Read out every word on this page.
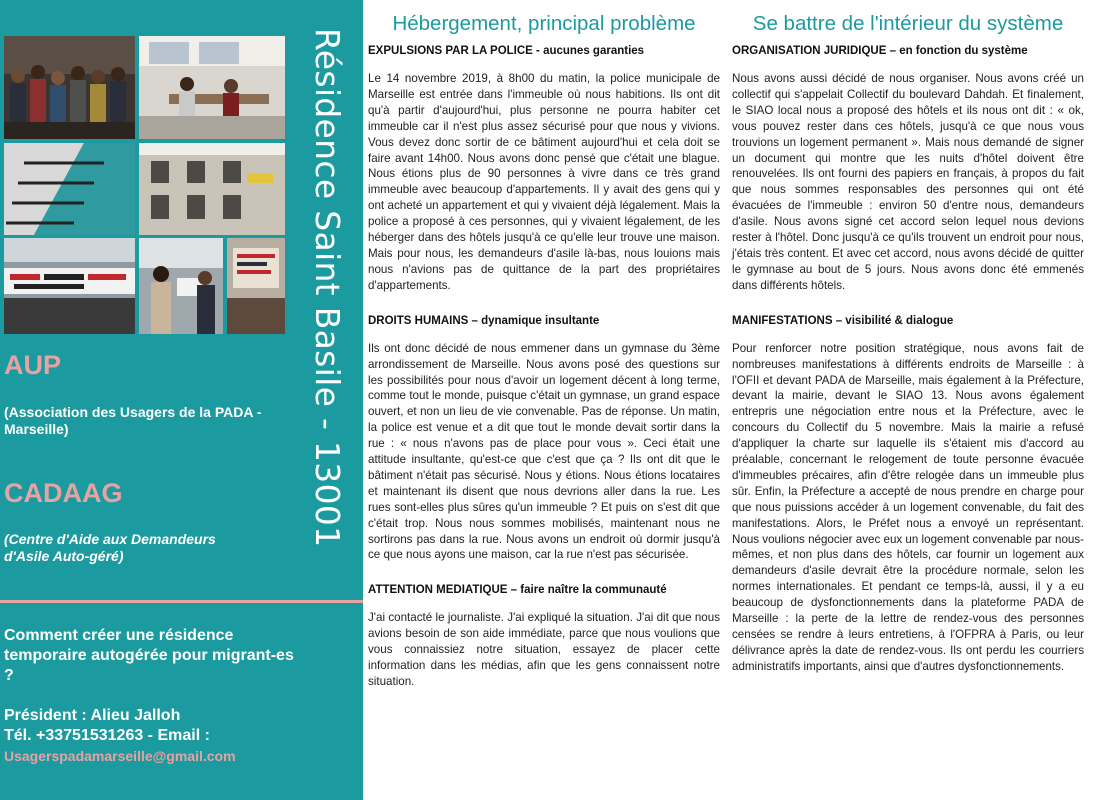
Résidence Saint Basile - 13001
AUP
(Association des Usagers de la PADA - Marseille)
CADAAG
(Centre d'Aide aux Demandeurs d'Asile Auto-géré)
Comment créer une résidence temporaire autogérée pour migrant-es ?
Président : Alieu Jalloh
Tél. +33751531263 - Email :
Usagerspadamarseille@gmail.com
Hébergement, principal problème
EXPULSIONS PAR LA POLICE - aucunes garanties
Le 14 novembre 2019, à 8h00 du matin, la police municipale de Marseille est entrée dans l'immeuble où nous habitions. Ils ont dit qu'à partir d'aujourd'hui, plus personne ne pourra habiter cet immeuble car il n'est plus assez sécurisé pour que nous y vivions. Vous devez donc sortir de ce bâtiment aujourd'hui et cela doit se faire avant 14h00. Nous avons donc pensé que c'était une blague. Nous étions plus de 90 personnes à vivre dans ce très grand immeuble avec beaucoup d'appartements. Il y avait des gens qui y ont acheté un appartement et qui y vivaient déjà légalement. Mais la police a proposé à ces personnes, qui y vivaient légalement, de les héberger dans des hôtels jusqu'à ce qu'elle leur trouve une maison. Mais pour nous, les demandeurs d'asile là-bas, nous louions mais nous n'avions pas de quittance de la part des propriétaires d'appartements.
DROITS HUMAINS – dynamique insultante
Ils ont donc décidé de nous emmener dans un gymnase du 3ème arrondissement de Marseille. Nous avons posé des questions sur les possibilités pour nous d'avoir un logement décent à long terme, comme tout le monde, puisque c'était un gymnase, un grand espace ouvert, et non un lieu de vie convenable. Pas de réponse. Un matin, la police est venue et a dit que tout le monde devait sortir dans la rue : « nous n'avons pas de place pour vous ». Ceci était une attitude insultante, qu'est-ce que c'est que ça ? Ils ont dit que le bâtiment n'était pas sécurisé. Nous y étions. Nous étions locataires et maintenant ils disent que nous devrions aller dans la rue. Les rues sont-elles plus sûres qu'un immeuble ? Et puis on s'est dit que c'était trop. Nous nous sommes mobilisés, maintenant nous ne sortirons pas dans la rue. Nous avons un endroit où dormir jusqu'à ce que nous ayons une maison, car la rue n'est pas sécurisée.
ATTENTION MEDIATIQUE – faire naître la communauté
J'ai contacté le journaliste. J'ai expliqué la situation. J'ai dit que nous avions besoin de son aide immédiate, parce que nous voulions que vous connaissiez notre situation, essayez de placer cette information dans les médias, afin que les gens connaissent notre situation.
Se battre de l'intérieur du système
ORGANISATION JURIDIQUE – en fonction du système
Nous avons aussi décidé de nous organiser. Nous avons créé un collectif qui s'appelait Collectif du boulevard Dahdah. Et finalement, le SIAO local nous a proposé des hôtels et ils nous ont dit : « ok, vous pouvez rester dans ces hôtels, jusqu'à ce que nous vous trouvions un logement permanent ». Mais nous demandé de signer un document qui montre que les nuits d'hôtel doivent être renouvelées. Ils ont fourni des papiers en français, à propos du fait que nous sommes responsables des personnes qui ont été évacuées de l'immeuble : environ 50 d'entre nous, demandeurs d'asile. Nous avons signé cet accord selon lequel nous devions rester à l'hôtel. Donc jusqu'à ce qu'ils trouvent un endroit pour nous, j'étais très content. Et avec cet accord, nous avons décidé de quitter le gymnase au bout de 5 jours. Nous avons donc été emmenés dans différents hôtels.
MANIFESTATIONS – visibilité & dialogue
Pour renforcer notre position stratégique, nous avons fait de nombreuses manifestations à différents endroits de Marseille : à l'OFII et devant PADA de Marseille, mais également à la Préfecture, devant la mairie, devant le SIAO 13. Nous avons également entrepris une négociation entre nous et la Préfecture, avec le concours du Collectif du 5 novembre. Mais la mairie a refusé d'appliquer la charte sur laquelle ils s'étaient mis d'accord au préalable, concernant le relogement de toute personne évacuée d'immeubles précaires, afin d'être relogée dans un immeuble plus sûr. Enfin, la Préfecture a accepté de nous prendre en charge pour que nous puissions accéder à un logement convenable, du fait des manifestations. Alors, le Préfet nous a envoyé un représentant. Nous voulions négocier avec eux un logement convenable par nous-mêmes, et non plus dans des hôtels, car fournir un logement aux demandeurs d'asile devrait être la procédure normale, selon les normes internationales. Et pendant ce temps-là, aussi, il y a eu beaucoup de dysfonctionnements dans la plateforme PADA de Marseille : la perte de la lettre de rendez-vous des personnes censées se rendre à leurs entretiens, à l'OFPRA à Paris, ou leur délivrance après la date de rendez-vous. Ils ont perdu les courriers administratifs importants, ainsi que d'autres dysfonctionnements.
